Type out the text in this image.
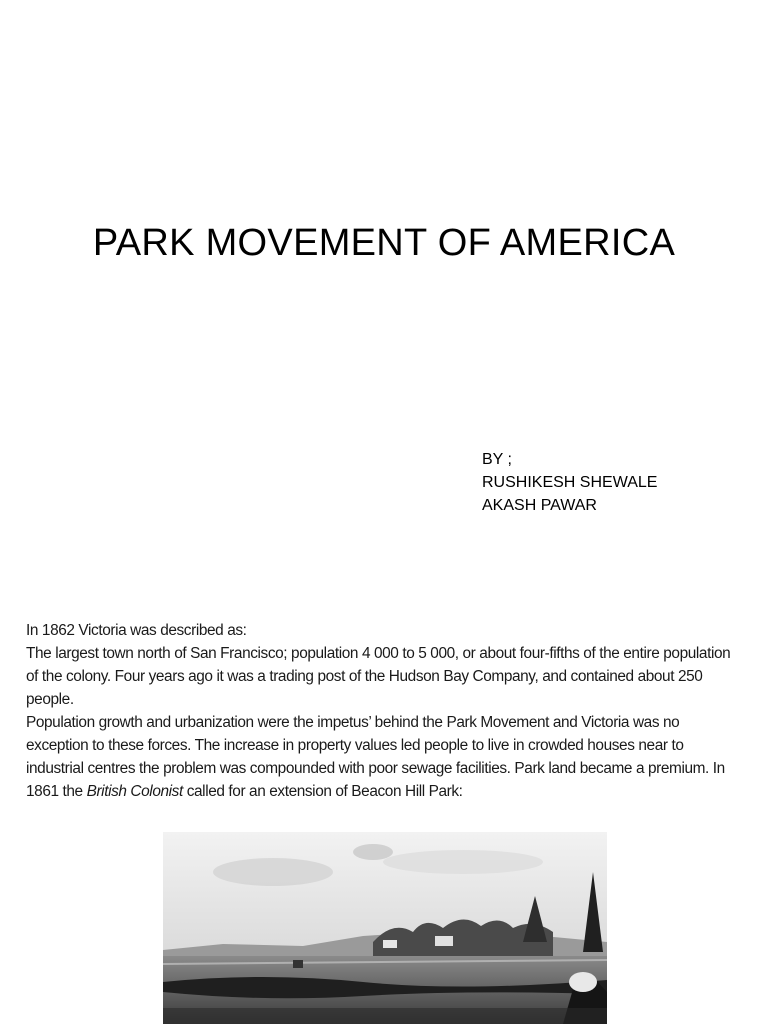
PARK MOVEMENT OF AMERICA
BY ;
RUSHIKESH SHEWALE
AKASH PAWAR

In 1862 Victoria was described as:

The largest town north of San Francisco; population 4 000 to 5 000, or about four-fifths of the entire population of the colony. Four years ago it was a trading post of the Hudson Bay Company, and contained about 250 people.

Population growth and urbanization were the impetus’ behind the Park Movement and Victoria was no exception to these forces. The increase in property values led people to live in crowded houses near to industrial centres the problem was compounded with poor sewage facilities. Park land became a premium. In 1861 the British Colonist called for an extension of Beacon Hill Park:
